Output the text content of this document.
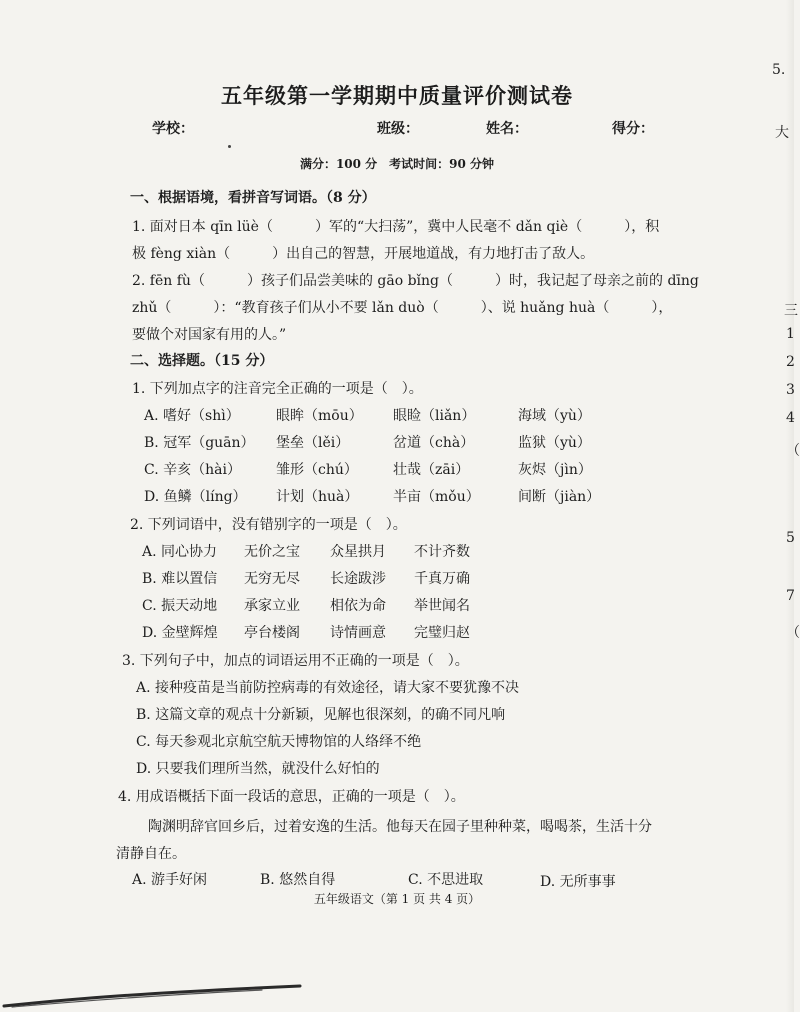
五年级第一学期期中质量评价测试卷
学校：	班级：	姓名：	得分：
满分：100 分　考试时间：90 分钟
一、根据语境，看拼音写词语。（8 分）
1. 面对日本 qīn lüè（　　　）军的“大扫荡”，冀中人民毫不 dǎn qiè（　　　），积
极 fèng xiàn（　　　）出自己的智慧，开展地道战，有力地打击了敌人。
2. fēn fù（　　　）孩子们品尝美味的 gāo bǐng（　　　）时，我记起了母亲之前的 dīng
zhǔ（　　　）：“教育孩子们从小不要 lǎn duò（　　　）、说 huǎng huà（　　　），
要做个对国家有用的人。”
二、选择题。（15 分）
1. 下列加点字的注音完全正确的一项是（　）。
A. 嗜好（shì）	眼眸（mōu） 眼睑（liǎn）	海域（yù）
B. 冠军（guān） 堡垒（lěi）	岔道（chà）	监狱（yù）
C. 辛亥（hài）	雏形（chú）	壮哉（zāi）	灰烬（jìn）
D. 鱼鳞（líng） 计划（huà） 半亩（mǒu）	间断（jiàn）
2. 下列词语中，没有错别字的一项是（　）。
A. 同心协力 无价之宝 众星拱月 不计齐数
B. 难以置信 无穷无尽 长途跋涉 千真万确
C. 振天动地 承家立业 相依为命 举世闻名
D. 金壁辉煌 亭台楼阁 诗情画意 完璧归赵
3. 下列句子中，加点的词语运用不正确的一项是（　）。
A. 接种疫苗是当前防控病毒的有效途径，请大家不要犹豫不决
B. 这篇文章的观点十分新颖，见解也很深刻，的确不同凡响
C. 每天参观北京航空航天博物馆的人络绎不绝
D. 只要我们理所当然，就没什么好怕的
4. 用成语概括下面一段话的意思，正确的一项是（　）。
陶渊明辞官回乡后，过着安逸的生活。他每天在园子里种种菜，喝喝茶，生活十分
清静自在。
A. 游手好闲	B. 悠然自得	C. 不思进取	D. 无所事事
五年级语文（第 1 页 共 4 页）
5.
大
三
1
2
3
4
（
5
7
（
